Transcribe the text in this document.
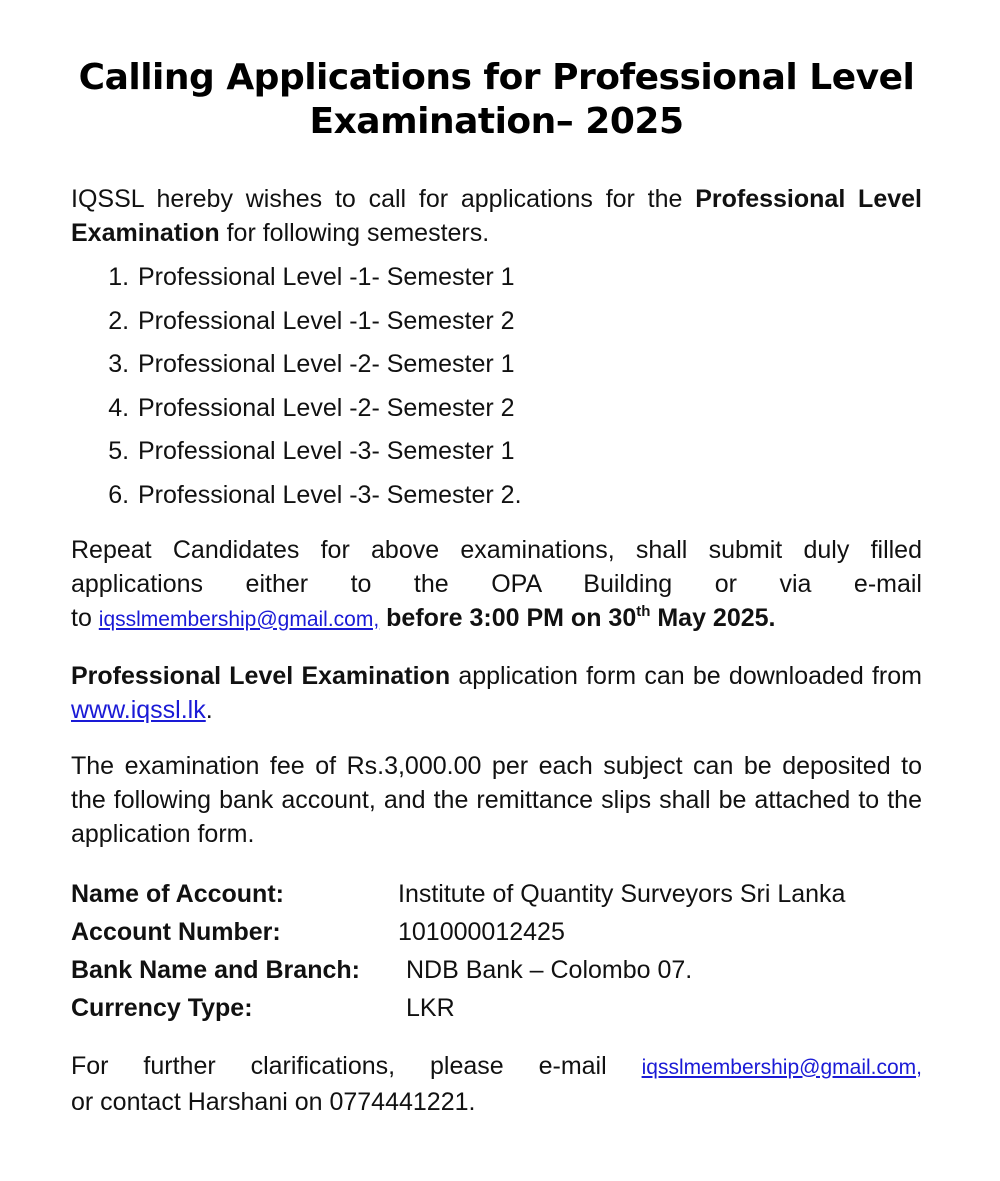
Calling Applications for Professional Level Examination– 2025

IQSSL hereby wishes to call for applications for the Professional Level Examination for following semesters.

1. Professional Level -1- Semester 1
2. Professional Level -1- Semester 2
3. Professional Level -2- Semester 1
4. Professional Level -2- Semester 2
5. Professional Level -3- Semester 1
6. Professional Level -3- Semester 2.

Repeat Candidates for above examinations, shall submit duly filled

applications either to the OPA Building or via e-mail

to iqsslmembership@gmail.com, before 3:00 PM on 30th May 2025.

Professional Level Examination application form can be downloaded from www.iqssl.lk.

The examination fee of Rs.3,000.00 per each subject can be deposited to the following bank account, and the remittance slips shall be attached to the application form.

Name of Account:	Institute of Quantity Surveyors Sri Lanka
Account Number:	101000012425
Bank Name and Branch:	NDB Bank – Colombo 07.
Currency Type:	LKR

For further clarifications, please e-mail iqsslmembership@gmail.com,

or contact Harshani on 0774441221.
